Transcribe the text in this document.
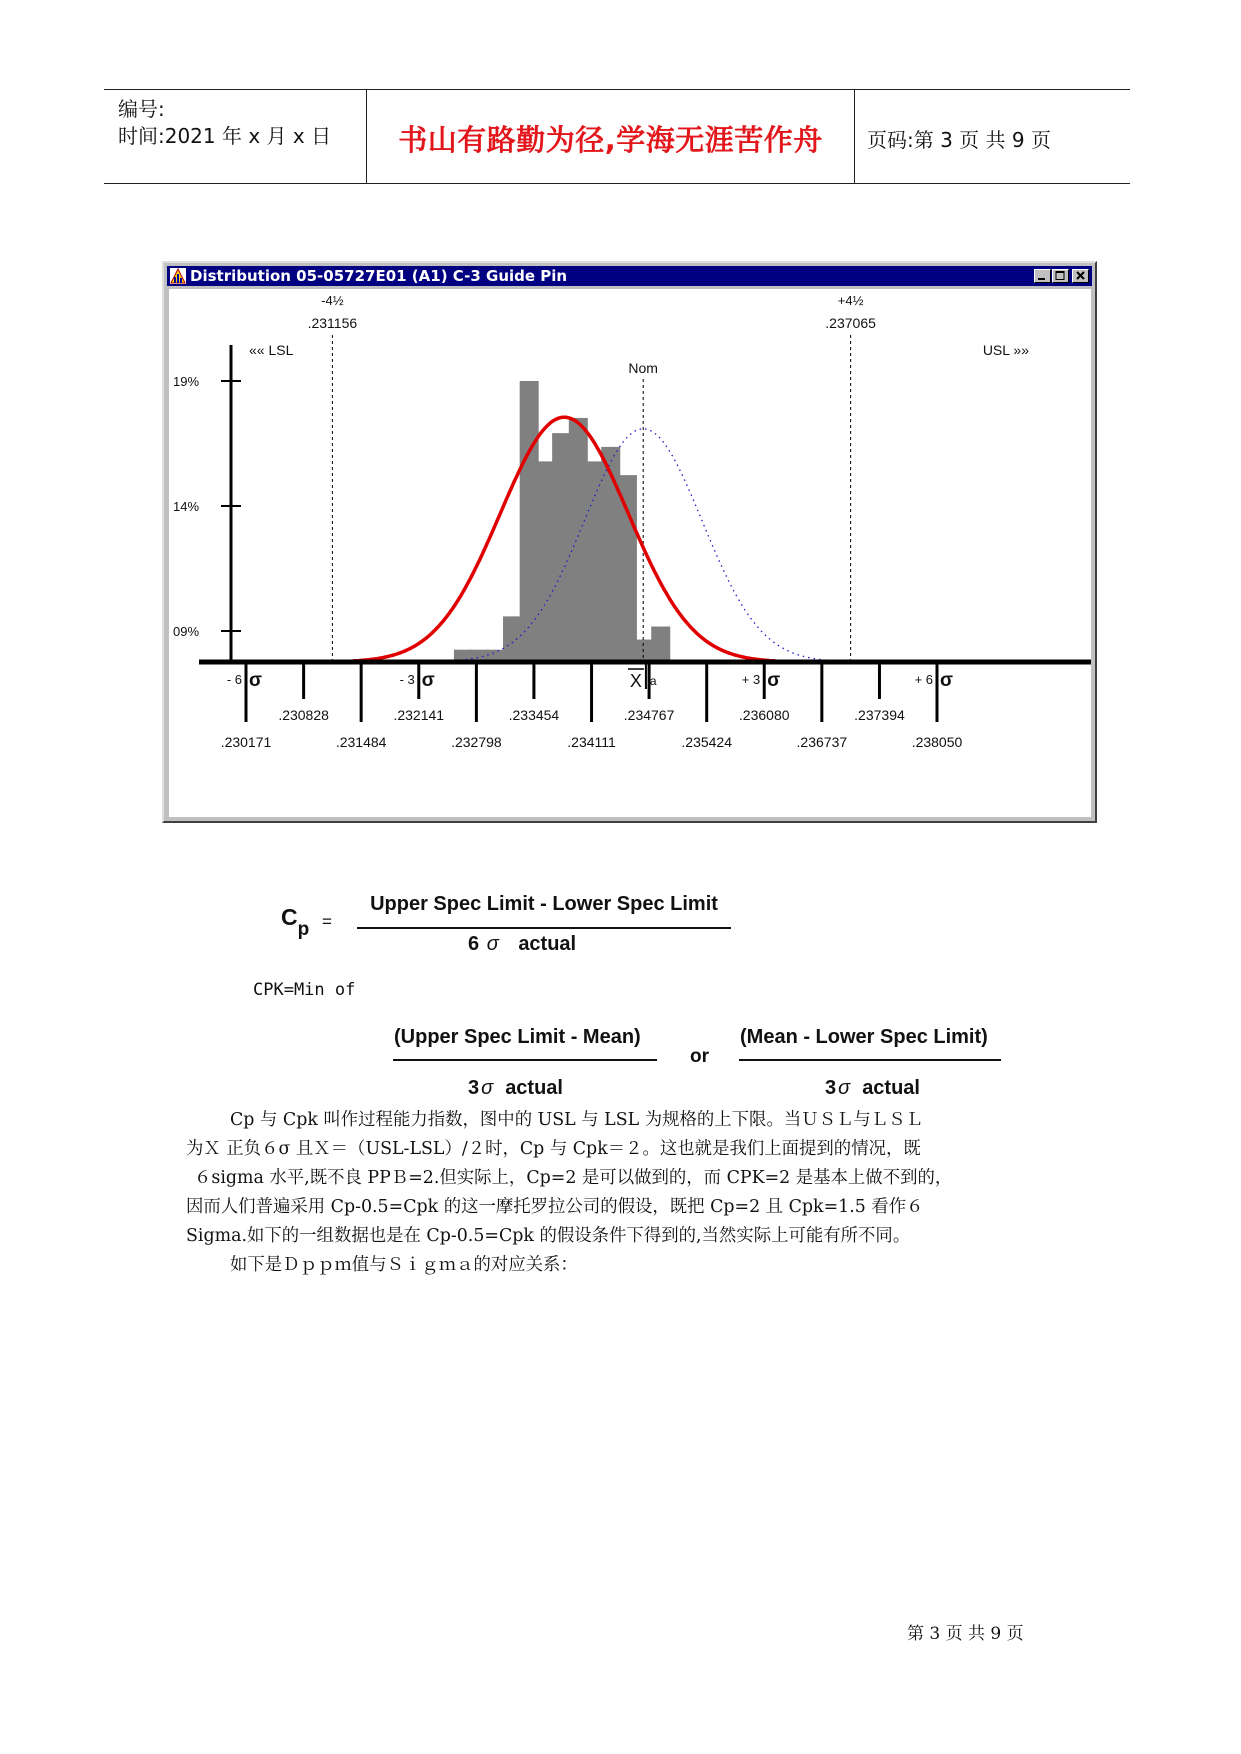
编号:
时间:2021 年 x 月 x 日	书山有路勤为径,学海无涯苦作舟	页码:第 3 页 共 9 页
Distribution 05-05727E01 (A1) C-3 Guide Pin
19%
14%
09%
-4½
.231156
+4½
.237065
«« LSL	USL »»
Nom
.230171	.231484	.232798	.234111	.235424	.236737	.238050
.230828	.232141	.233454	.234767	.236080	.237394
- 6 σ	- 3 σ	+ 3 σ	+ 6 σ
X a
$C_p$ =
Upper Spec Limit - Lower Spec Limit
6 σ actual
CPK=Min of
(Upper Spec Limit - Mean)
3 σ actual
or
(Mean - Lower Spec Limit)
3 σ actual
Cp 与 Cpk 叫作过程能力指数，图中的 USL 与 LSL 为规格的上下限。当ＵＳＬ与ＬＳＬ
为Ｘ 正负６σ 且Ｘ＝（USL-LSL）/２时，Cp 与 Cpk＝２。这也就是我们上面提到的情况，既
６sigma 水平,既不良 PPＢ=2.但实际上，Cp=2 是可以做到的，而 CPK=2 是基本上做不到的，
因而人们普遍采用 Cp-0.5=Cpk 的这一摩托罗拉公司的假设，既把 Cp=2 且 Cpk=1.5 看作６
Sigma.如下的一组数据也是在 Cp-0.5=Cpk 的假设条件下得到的,当然实际上可能有所不同。
如下是Ｄｐｐｍ值与Ｓｉｇｍａ的对应关系：
第 3 页 共 9 页
